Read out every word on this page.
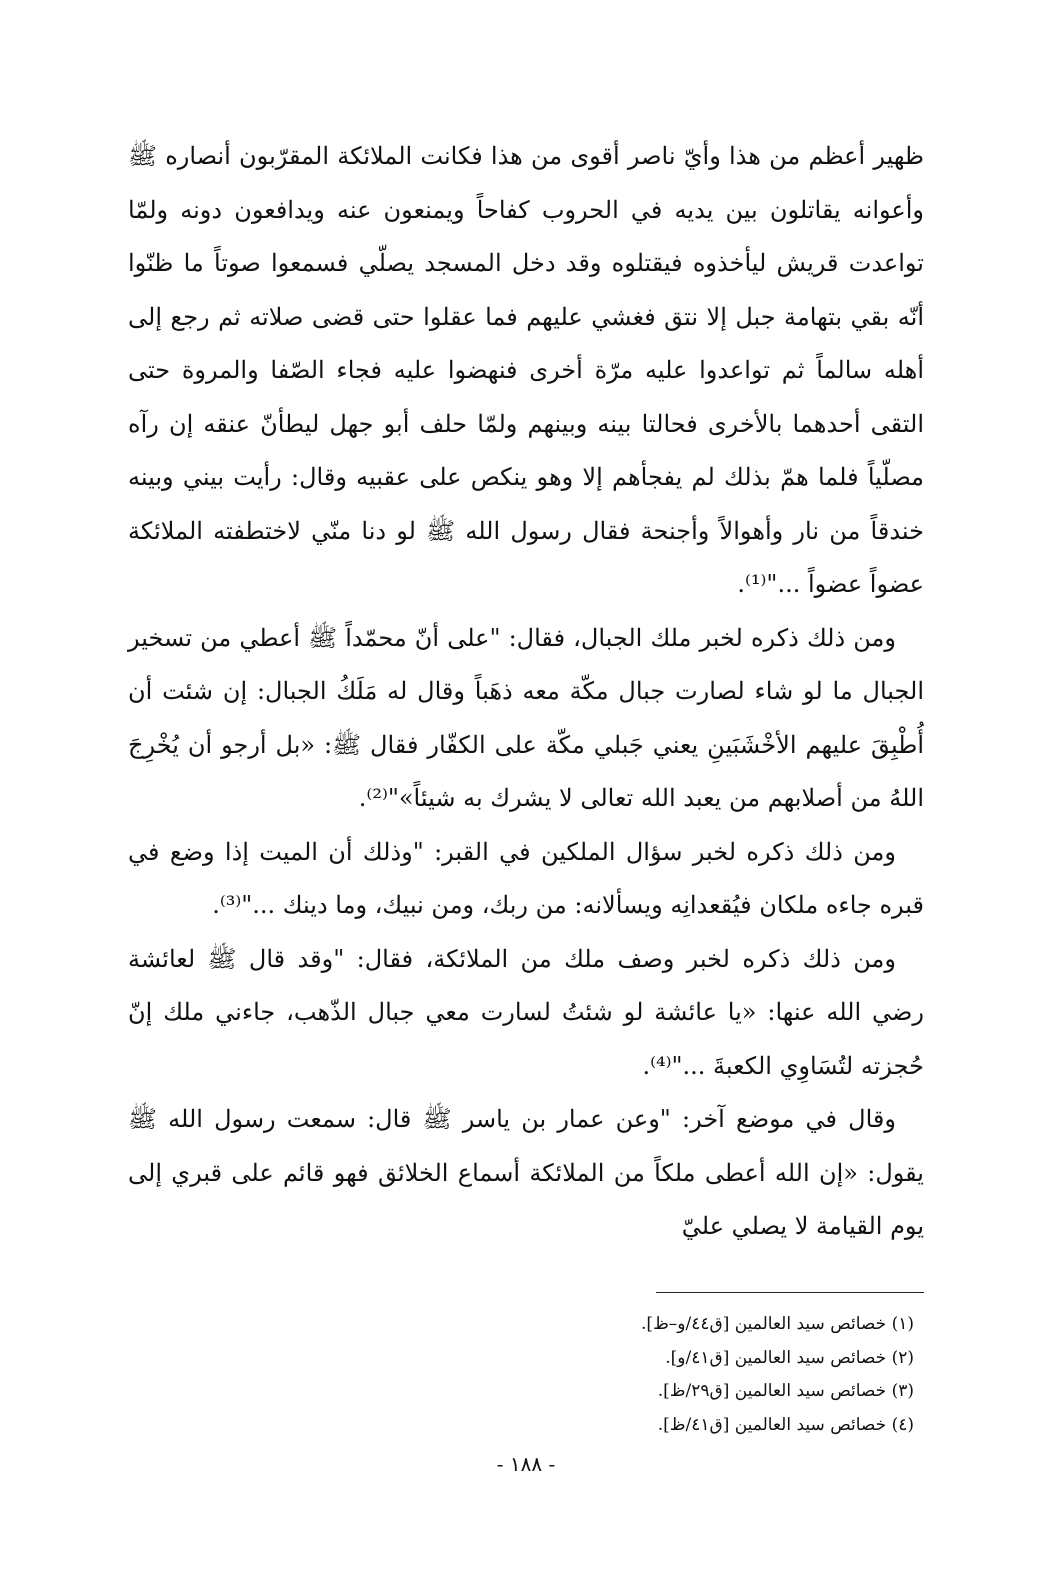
ظهير أعظم من هذا وأيّ ناصر أقوى من هذا فكانت الملائكة المقرّبون أنصاره ﷺ وأعوانه يقاتلون بين يديه في الحروب كفاحاً ويمنعون عنه ويدافعون دونه ولمّا تواعدت قريش ليأخذوه فيقتلوه وقد دخل المسجد يصلّي فسمعوا صوتاً ما ظنّوا أنّه بقي بتهامة جبل إلا نتق فغشي عليهم فما عقلوا حتى قضى صلاته ثم رجع إلى أهله سالماً ثم تواعدوا عليه مرّة أخرى فنهضوا عليه فجاء الصّفا والمروة حتى التقى أحدهما بالأخرى فحالتا بينه وبينهم ولمّا حلف أبو جهل ليطأنّ عنقه إن رآه مصلّياً فلما همّ بذلك لم يفجأهم إلا وهو ينكص على عقبيه وقال: رأيت بيني وبينه خندقاً من نار وأهوالاً وأجنحة فقال رسول الله ﷺ لو دنا منّي لاختطفته الملائكة عضواً عضواً ..."⁽¹⁾.

ومن ذلك ذكره لخبر ملك الجبال، فقال: "على أنّ محمّداً ﷺ أعطي من تسخير الجبال ما لو شاء لصارت جبال مكّة معه ذهَباً وقال له مَلَكُ الجبال: إن شئت أن أُطْبِقَ عليهم الأخْشَبَينِ يعني جَبلي مكّة على الكفّار فقال ﷺ: «بل أرجو أن يُخْرِجَ اللهُ من أصلابهم من يعبد الله تعالى لا يشرك به شيئاً»"⁽²⁾.

ومن ذلك ذكره لخبر سؤال الملكين في القبر: "وذلك أن الميت إذا وضع في قبره جاءه ملكان فيُقعدانِه ويسألانه: من ربك، ومن نبيك، وما دينك ..."⁽³⁾.

ومن ذلك ذكره لخبر وصف ملك من الملائكة، فقال: "وقد قال ﷺ لعائشة رضي الله عنها: «يا عائشة لو شئتُ لسارت معي جبال الذّهب، جاءني ملك إنّ حُجزته لتُسَاوِي الكعبةَ ..."⁽⁴⁾.

وقال في موضع آخر: "وعن عمار بن ياسر ﷺ قال: سمعت رسول الله ﷺ يقول: «إن الله أعطى ملكاً من الملائكة أسماع الخلائق فهو قائم على قبري إلى يوم القيامة لا يصلي عليّ

(١) خصائص سيد العالمين [ق٤٤/و–ظ].

(٢) خصائص سيد العالمين [ق٤١/و].

(٣) خصائص سيد العالمين [ق٢٩/ظ].

(٤) خصائص سيد العالمين [ق٤١/ظ].

- ١٨٨ -
